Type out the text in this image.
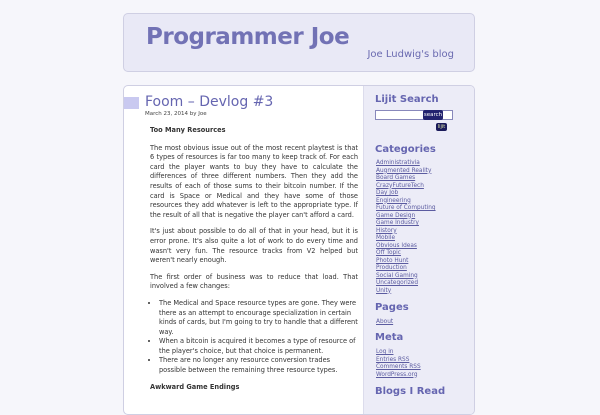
Programmer Joe
Joe Ludwig's blog
Foom – Devlog #3
March 23, 2014 by Joe

Too Many Resources

The most obvious issue out of the most recent playtest is that 6 types of resources is far too many to keep track of. For each card the player wants to buy they have to calculate the differences of three different numbers. Then they add the results of each of those sums to their bitcoin number. If the card is Space or Medical and they have some of those resources they add whatever is left to the appropriate type. If the result of all that is negative the player can't afford a card.

It's just about possible to do all of that in your head, but it is error prone. It's also quite a lot of work to do every time and wasn't very fun. The resource tracks from V2 helped but weren't nearly enough.

The first order of business was to reduce that load. That involved a few changes:

• The Medical and Space resource types are gone. They were there as an attempt to encourage specialization in certain kinds of cards, but I'm going to try to handle that a different way.
• When a bitcoin is acquired it becomes a type of resource of the player's choice, but that choice is permanent.
• There are no longer any resource conversion trades possible between the remaining three resource types.

Awkward Game Endings

Lijit Search
search
lijit
Categories
Administrativia
Augmented Reality
Board Games
CrazyFutureTech
Day Job
Engineering
Future of Computing
Game Design
Game Industry
History
Mobile
Obvious Ideas
Off Topic
Photo Hunt
Production
Social Gaming
Uncategorized
Unity
Pages
About
Meta
Log in
Entries RSS
Comments RSS
WordPress.org
Blogs I Read
